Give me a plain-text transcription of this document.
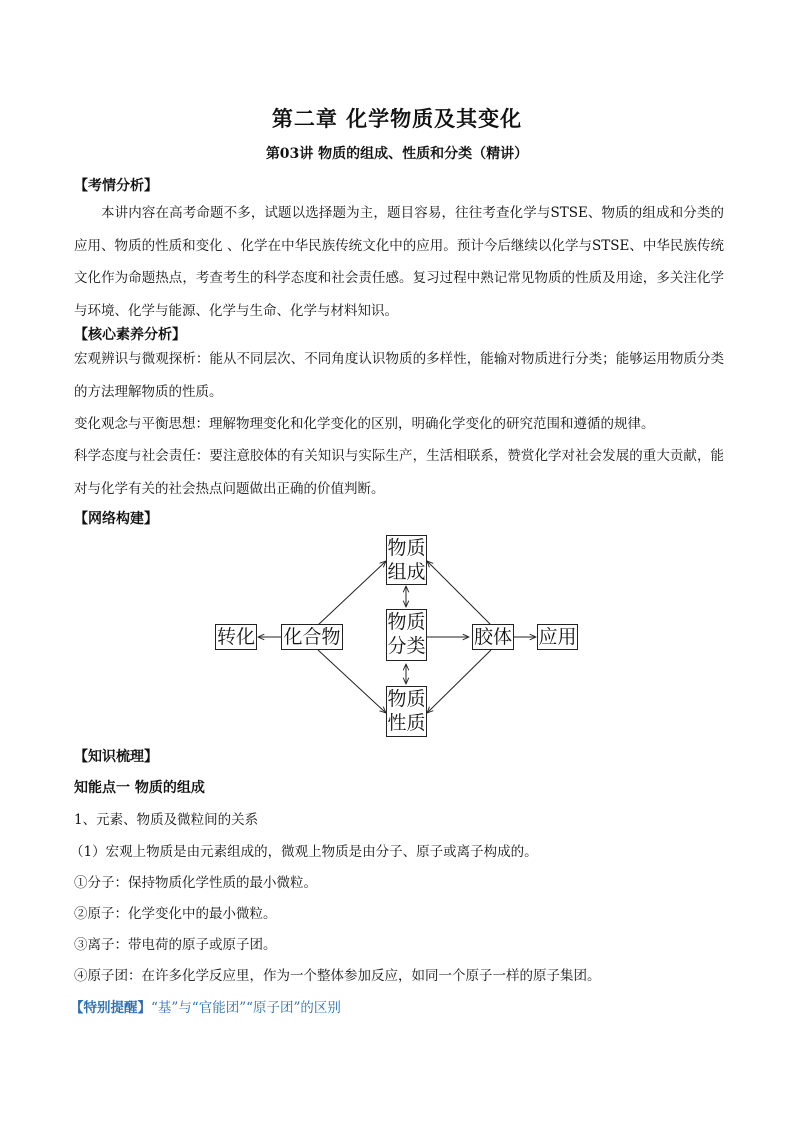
第二章 化学物质及其变化
第03讲 物质的组成、性质和分类（精讲）
【考情分析】
本讲内容在高考命题不多，试题以选择题为主，题目容易，往往考查化学与STSE、物质的组成和分类的应用、物质的性质和变化 、化学在中华民族传统文化中的应用。预计今后继续以化学与STSE、中华民族传统文化作为命题热点，考查考生的科学态度和社会责任感。复习过程中熟记常见物质的性质及用途，多关注化学与环境、化学与能源、化学与生命、化学与材料知识。
【核心素养分析】
宏观辨识与微观探析：能从不同层次、不同角度认识物质的多样性，能输对物质进行分类；能够运用物质分类的方法理解物质的性质。
变化观念与平衡思想：理解物理变化和化学变化的区别，明确化学变化的研究范围和遵循的规律。
科学态度与社会责任：要注意胶体的有关知识与实际生产，生活相联系，赞赏化学对社会发展的重大贡献，能对与化学有关的社会热点问题做出正确的价值判断。
【网络构建】
物质
组成
物质
分类
物质
性质
化合物
转化	胶体 应用
【知识梳理】
知能点一 物质的组成
1、元素、物质及微粒间的关系
（1）宏观上物质是由元素组成的，微观上物质是由分子、原子或离子构成的。
①分子：保持物质化学性质的最小微粒。
②原子：化学变化中的最小微粒。
③离子：带电荷的原子或原子团。
④原子团：在许多化学反应里，作为一个整体参加反应，如同一个原子一样的原子集团。
【特别提醒】“基”与“官能团”“原子团”的区别
